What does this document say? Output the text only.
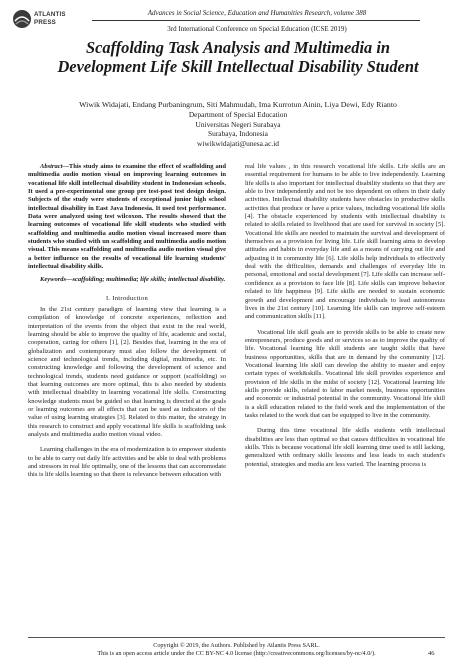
ATLANTIS
PRESS
Advances in Social Science, Education and Humanities Research, volume 388
3rd International Conference on Special Education (ICSE 2019)
Scaffolding Task Analysis and Multimedia in Development Life Skill Intellectual Disability Student
Wiwik Widajati, Endang Purbaningrum, Siti Mahmudah, Ima Kurrotun Ainin, Liya Dewi, Edy Rianto
Department of Special Education
Universitas Negeri Surabaya
Surabaya, Indonesia
wiwikwidajati@unesa.ac.id

Abstract—This study aims to examine the effect of scaffolding and multimedia audio motion visual on improving learning outcomes in vocational life skill intellectual disability student in Indonesian schools. It used a pre-experimental one group pre test-post test design design. Subjects of the study were students of exceptional junior high school intellectual disability in East Java Indonesia. It used test performance. Data were analyzed using test wilcoxon. The results showed that the learning outcomes of vocational life skill students who studied with scaffolding and multimedia audio motion visual increased more than students who studied with un scaffolding and multimedia audio motion visual. This means scaffolding and multimedia audio motion visual give a better influence on the results of vocational life learning students' intellectual disability skills.

Keywords—scaffolding; multimedia; life skills; intellectual disability.

I. Introduction

In the 21st century paradigm of learning view that learning is a compilation of knowledge of concrete experiences, reflection and interpretation of the events from the object that exist in the real world, learning should be able to improve the quality of life, academic and social, cooperation, caring for others [1], [2]. Besides that, learning in the era of globalization and contemporary must also follow the development of science and technological trends, including digital, multimedia, etc. In constructing knowledge and following the development of science and technological trends, students need guidance or support (scaffolding) so that learning outcomes are more optimal, this is also needed by students with intellectual disability in learning vocational life skills. Constructing knowledge students must be guided so that learning is directed at the goals or learning outcomes are all effects that can be used as indicators of the value of using learning strategies [3]. Related to this matter, the strategy in this research to construct and apply vocational life skills is scaffolding task analysis and multimedia audio motion visual video.

Learning challenges in the era of modernization is to empower students to be able to carry out daily life activities and be able to deal with problems and stressors in real life optimally, one of the lessons that can accommodate this is life skills learning so that there is relevance between education with

real life values , in this research vocational life skills. Life skills are an essential requirement for humans to be able to live independently. Learning life skills is also important for intellectual disability students so that they are able to live independently and not be too dependent on others in their daily activities. Intellectual disability students have obstacles in productive skills activities that produce or have a price values, including vocational life skills [4]. The obstacle experienced by students with intellectual disability is related to skills related to livelihood that are used for survival in society [5]. Vocational life skills are needed to maintain the survival and development of themselves as a provision for living life. Life skill learning aims to develop attitudes and habits in everyday life and as a means of carrying out life and adjusting it in community life [6]. Life skills help individuals to effectively deal with the difficulties, demands and challenges of everyday life in personal, emotional and social development [7]. Life skills can increase self-confidence as a provision to face life [8]. Life skills can improve behavior related to life happiness [9]. Life skills are needed to sustain economic growth and development and encourage individuals to lead autonomous lives in the 21st century [10]. Learning life skills can improve self-esteem and communication skills [11].

Vocational life skill goals are to provide skills to be able to create new entrepreneurs, produce goods and or services so as to improve the quality of life. Vocational learning life skill students are taught skills that have business opportunities, skills that are in demand by the community [12]. Vocational learning life skill can develop the ability to master and enjoy certain types of work&skills. Vocational life skill provides experience and provision of life skills in the midst of society [12]. Vocational learning life skills provide skills, related to labor market needs, business opportunities and economic or industrial potential in the community. Vocational life skill is a skill education related to the field work and the implementation of the tasks related to the work that can be equipped to live in the community.

During this time vocational life skills students with intellectual disabilities are less than optimal so that causes difficulties in vocational life skills. This is because vocational life skill learning time used is still lacking, generalized with ordinary skills lessons and less leads to each student's potential, strategies and media are less varied. The learning process is

Copyright © 2019, the Authors. Published by Atlantis Press SARL.
This is an open access article under the CC BY-NC 4.0 license (http://creativecommons.org/licenses/by-nc/4.0/).	46
